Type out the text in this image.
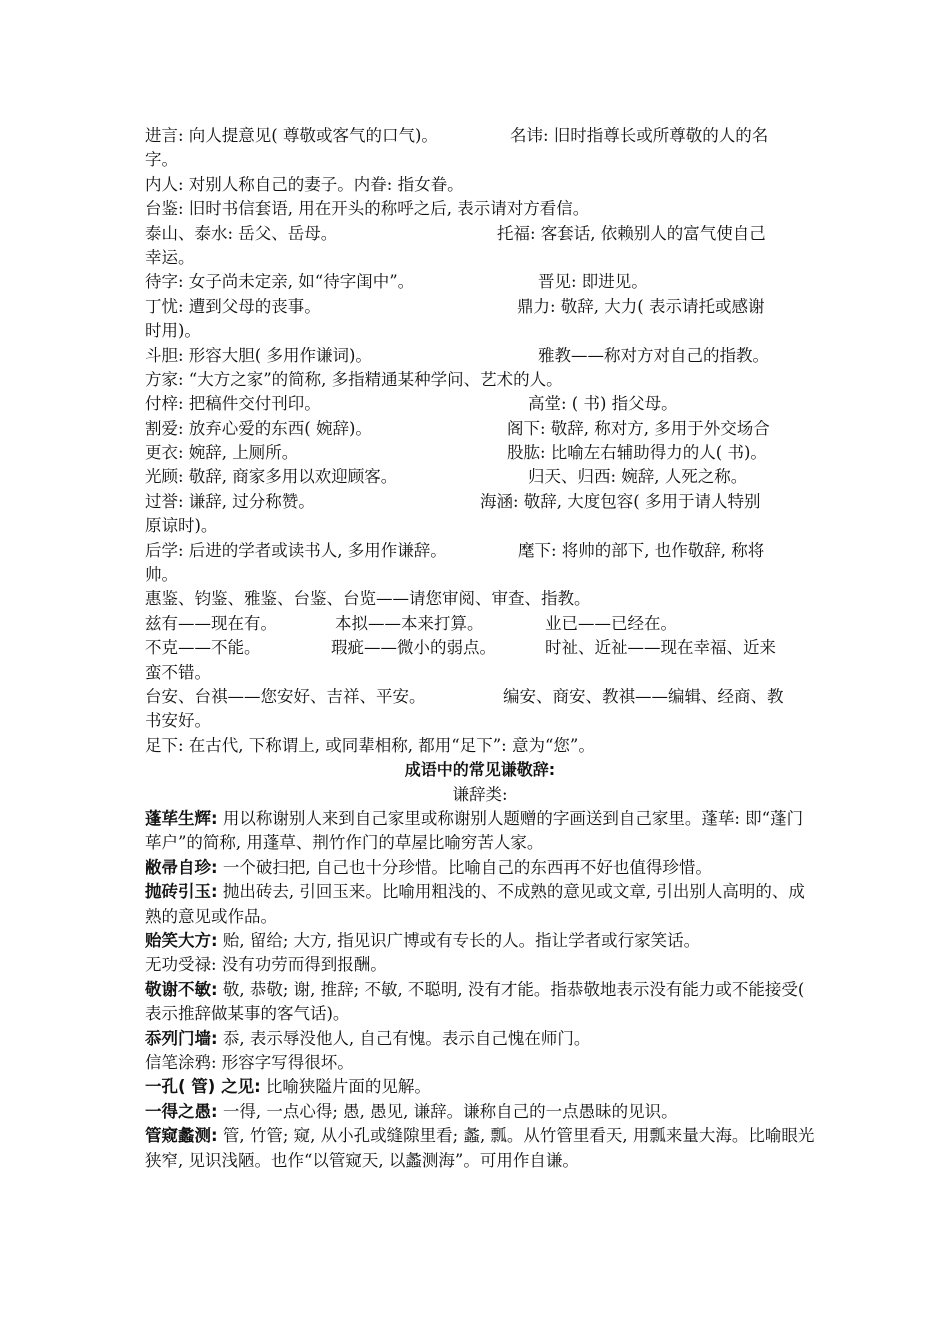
进言: 向人提意见( 尊敬或客气的口气)。	名讳: 旧时指尊长或所尊敬的人的名
字。
内人: 对别人称自己的妻子。内眷: 指女眷。
台鉴: 旧时书信套语, 用在开头的称呼之后, 表示请对方看信。
泰山、泰水: 岳父、岳母。	托福: 客套话, 依赖别人的富气使自己
幸运。
待字: 女子尚未定亲, 如“待字闺中”。	晋见: 即进见。
丁忧: 遭到父母的丧事。	鼎力: 敬辞, 大力( 表示请托或感谢
时用)。
斗胆: 形容大胆( 多用作谦词)。	雅教——称对方对自己的指教。
方家: “大方之家”的简称, 多指精通某种学问、艺术的人。
付梓: 把稿件交付刊印。	高堂: ( 书) 指父母。
割爱: 放弃心爱的东西( 婉辞)。	阁下: 敬辞, 称对方, 多用于外交场合
更衣: 婉辞, 上厕所。	股肱: 比喻左右辅助得力的人( 书)。
光顾: 敬辞, 商家多用以欢迎顾客。	归天、归西: 婉辞, 人死之称。
过誉: 谦辞, 过分称赞。	海涵: 敬辞, 大度包容( 多用于请人特别
原谅时)。
后学: 后进的学者或读书人, 多用作谦辞。	麾下: 将帅的部下, 也作敬辞, 称将
帅。
惠鉴、钧鉴、雅鉴、台鉴、台览——请您审阅、审查、指教。
兹有——现在有。	本拟——本来打算。	业已——已经在。
不克——不能。	瑕疵——微小的弱点。	时祉、近祉——现在幸福、近来
蛮不错。
台安、台祺——您安好、吉祥、平安。	编安、商安、教祺——编辑、经商、教
书安好。
足下: 在古代, 下称谓上, 或同辈相称, 都用“足下”: 意为“您”。
成语中的常见谦敬辞:
谦辞类:
蓬荜生辉: 用以称谢别人来到自己家里或称谢别人题赠的字画送到自己家里。蓬荜: 即“蓬门荜户”的简称, 用蓬草、荆竹作门的草屋比喻穷苦人家。
敝帚自珍: 一个破扫把, 自己也十分珍惜。比喻自己的东西再不好也值得珍惜。
抛砖引玉: 抛出砖去, 引回玉来。比喻用粗浅的、不成熟的意见或文章, 引出别人高明的、成熟的意见或作品。
贻笑大方: 贻, 留给; 大方, 指见识广博或有专长的人。指让学者或行家笑话。
无功受禄: 没有功劳而得到报酬。
敬谢不敏: 敬, 恭敬; 谢, 推辞; 不敏, 不聪明, 没有才能。指恭敬地表示没有能力或不能接受( 表示推辞做某事的客气话)。
忝列门墙: 忝, 表示辱没他人, 自己有愧。表示自己愧在师门。
信笔涂鸦: 形容字写得很坏。
一孔( 管) 之见: 比喻狭隘片面的见解。
一得之愚: 一得, 一点心得; 愚, 愚见, 谦辞。谦称自己的一点愚昧的见识。
管窥蠡测: 管, 竹管; 窥, 从小孔或缝隙里看; 蠡, 瓢。从竹管里看天, 用瓢来量大海。比喻眼光狭窄, 见识浅陋。也作“以管窥天, 以蠡测海”。可用作自谦。
